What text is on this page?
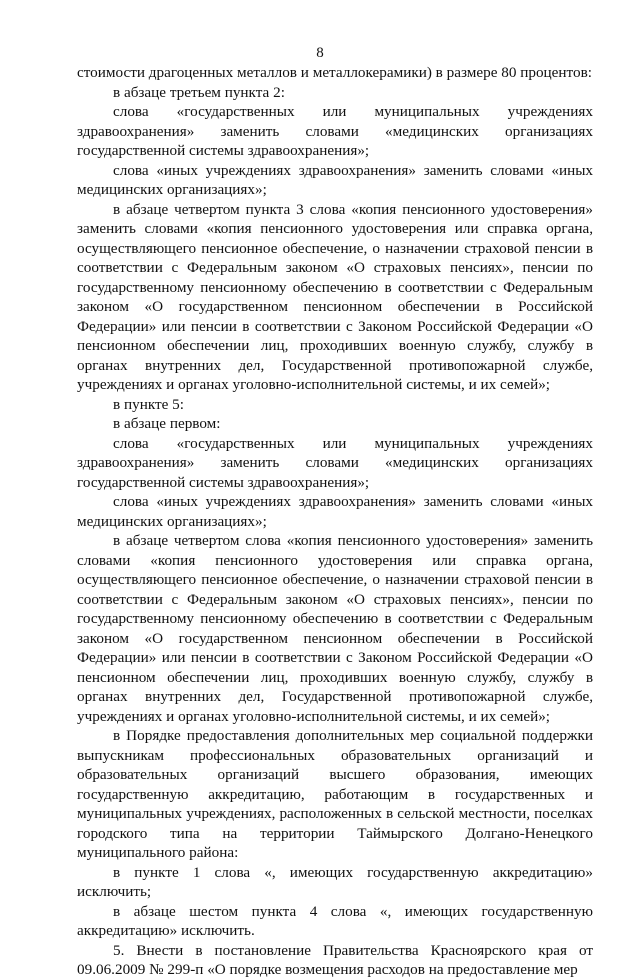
8

стоимости драгоценных металлов и металлокерамики) в размере 80 процентов:

в абзаце третьем пункта 2:

слова «государственных или муниципальных учреждениях здравоохранения» заменить словами «медицинских организациях государственной системы здравоохранения»;

слова «иных учреждениях здравоохранения» заменить словами «иных медицинских организациях»;

в абзаце четвертом пункта 3 слова «копия пенсионного удостоверения» заменить словами «копия пенсионного удостоверения или справка органа, осуществляющего пенсионное обеспечение, о назначении страховой пенсии в соответствии с Федеральным законом «О страховых пенсиях», пенсии по государственному пенсионному обеспечению в соответствии с Федеральным законом «О государственном пенсионном обеспечении в Российской Федерации» или пенсии в соответствии с Законом Российской Федерации «О пенсионном обеспечении лиц, проходивших военную службу, службу в органах внутренних дел, Государственной противопожарной службе, учреждениях и органах уголовно-исполнительной системы, и их семей»;

в пункте 5:

в абзаце первом:

слова «государственных или муниципальных учреждениях здравоохранения» заменить словами «медицинских организациях государственной системы здравоохранения»;

слова «иных учреждениях здравоохранения» заменить словами «иных медицинских организациях»;

в абзаце четвертом слова «копия пенсионного удостоверения» заменить словами «копия пенсионного удостоверения или справка органа, осуществляющего пенсионное обеспечение, о назначении страховой пенсии в соответствии с Федеральным законом «О страховых пенсиях», пенсии по государственному пенсионному обеспечению в соответствии с Федеральным законом «О государственном пенсионном обеспечении в Российской Федерации» или пенсии в соответствии с Законом Российской Федерации «О пенсионном обеспечении лиц, проходивших военную службу, службу в органах внутренних дел, Государственной противопожарной службе, учреждениях и органах уголовно-исполнительной системы, и их семей»;

в Порядке предоставления дополнительных мер социальной поддержки выпускникам профессиональных образовательных организаций и образовательных организаций высшего образования, имеющих государственную аккредитацию, работающим в государственных и муниципальных учреждениях, расположенных в сельской местности, поселках городского типа на территории Таймырского Долгано-Ненецкого муниципального района:

в пункте 1 слова «, имеющих государственную аккредитацию» исключить;

в абзаце шестом пункта 4 слова «, имеющих государственную аккредитацию» исключить.

5. Внести в постановление Правительства Красноярского края от 09.06.2009 № 299-п «О порядке возмещения расходов на предоставление мер
